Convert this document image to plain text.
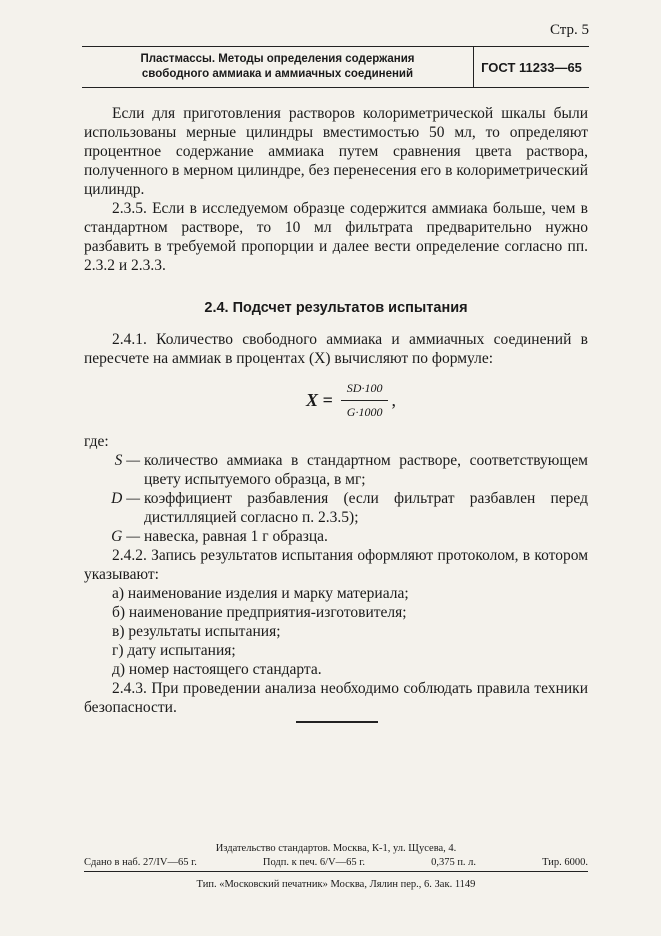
Стр. 5
Пластмассы. Методы определения содержания
свободного аммиака и аммиачных соединений	ГОСТ 11233—65

Если для приготовления растворов колориметрической шкалы были использованы мерные цилиндры вместимостью 50 мл, то определяют процентное содержание аммиака путем сравнения цвета раствора, полученного в мерном цилиндре, без перенесения его в колориметрический цилиндр.

2.3.5. Если в исследуемом образце содержится аммиака больше, чем в стандартном растворе, то 10 мл фильтрата предварительно нужно разбавить в требуемой пропорции и далее вести определение согласно пп. 2.3.2 и 2.3.3.

2.4. Подсчет результатов испытания

2.4.1. Количество свободного аммиака и аммиачных соединений в пересчете на аммиак в процентах (X) вычисляют по формуле:

$X = \frac{SD\cdot 100}{G\cdot 1000}$ ,

где:

S — количество аммиака в стандартном растворе, соответствующем цвету испытуемого образца, в мг;
D — коэффициент разбавления (если фильтрат разбавлен перед дистилляцией согласно п. 2.3.5);
G — навеска, равная 1 г образца.

2.4.2. Запись результатов испытания оформляют протоколом, в котором указывают:

а) наименование изделия и марку материала;
б) наименование предприятия-изготовителя;
в) результаты испытания;
г) дату испытания;
д) номер настоящего стандарта.

2.4.3. При проведении анализа необходимо соблюдать правила техники безопасности.

Издательство стандартов. Москва, К-1, ул. Щусева, 4.
Сдано в наб. 27/IV—65 г.	Подп. к печ. 6/V—65 г.	0,375 п. л.	Тир. 6000.
Тип. «Московский печатник» Москва, Лялин пер., 6. Зак. 1149
